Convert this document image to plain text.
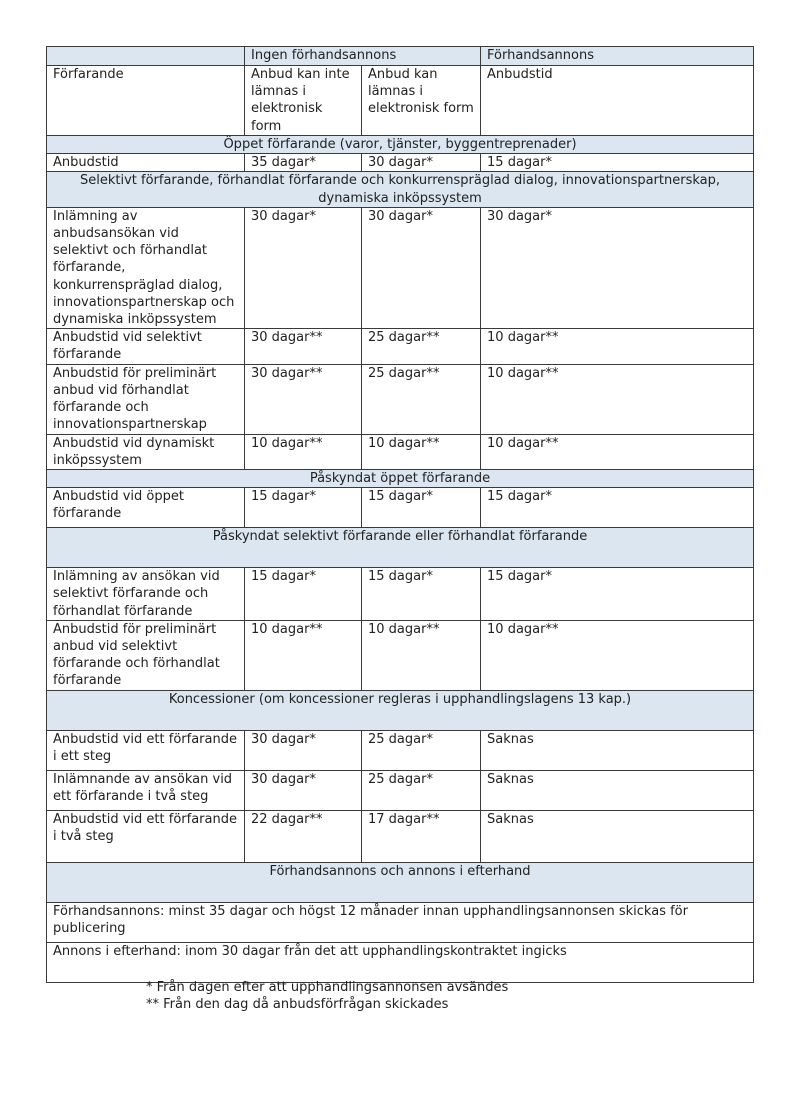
	Ingen förhandsannons		Förhandsannons
Förfarande	Anbud kan inte lämnas i elektronisk form	Anbud kan lämnas i elektronisk form	Anbudstid
Öppet förfarande (varor, tjänster, byggentreprenader)			
Anbudstid	35 dagar*	30 dagar*	15 dagar*
Selektivt förfarande, förhandlat förfarande och konkurrenspräglad dialog, innovationspartnerskap, dynamiska inköpssystem			
Inlämning av anbudsansökan vid selektivt och förhandlat förfarande, konkurrenspräglad dialog, innovationspartnerskap och dynamiska inköpssystem	30 dagar*	30 dagar*	30 dagar*
Anbudstid vid selektivt förfarande	30 dagar**	25 dagar**	10 dagar**
Anbudstid för preliminärt anbud vid förhandlat förfarande och innovationspartnerskap	30 dagar**	25 dagar**	10 dagar**
Anbudstid vid dynamiskt inköpssystem	10 dagar**	10 dagar**	10 dagar**
Påskyndat öppet förfarande			
Anbudstid vid öppet förfarande	15 dagar*	15 dagar*	15 dagar*
Påskyndat selektivt förfarande eller förhandlat förfarande			
Inlämning av ansökan vid selektivt förfarande och förhandlat förfarande	15 dagar*	15 dagar*	15 dagar*
Anbudstid för preliminärt anbud vid selektivt förfarande och förhandlat förfarande	10 dagar**	10 dagar**	10 dagar**
Koncessioner (om koncessioner regleras i upphandlingslagens 13 kap.)			
Anbudstid vid ett förfarande i ett steg	30 dagar*	25 dagar*	Saknas
Inlämnande av ansökan vid ett förfarande i två steg	30 dagar*	25 dagar*	Saknas
Anbudstid vid ett förfarande i två steg	22 dagar**	17 dagar**	Saknas
Förhandsannons och annons i efterhand			
Förhandsannons: minst 35 dagar och högst 12 månader innan upphandlingsannonsen skickas för publicering			
Annons i efterhand: inom 30 dagar från det att upphandlingskontraktet ingicks			
* Från dagen efter att upphandlingsannonsen avsändes
** Från den dag då anbudsförfrågan skickades
